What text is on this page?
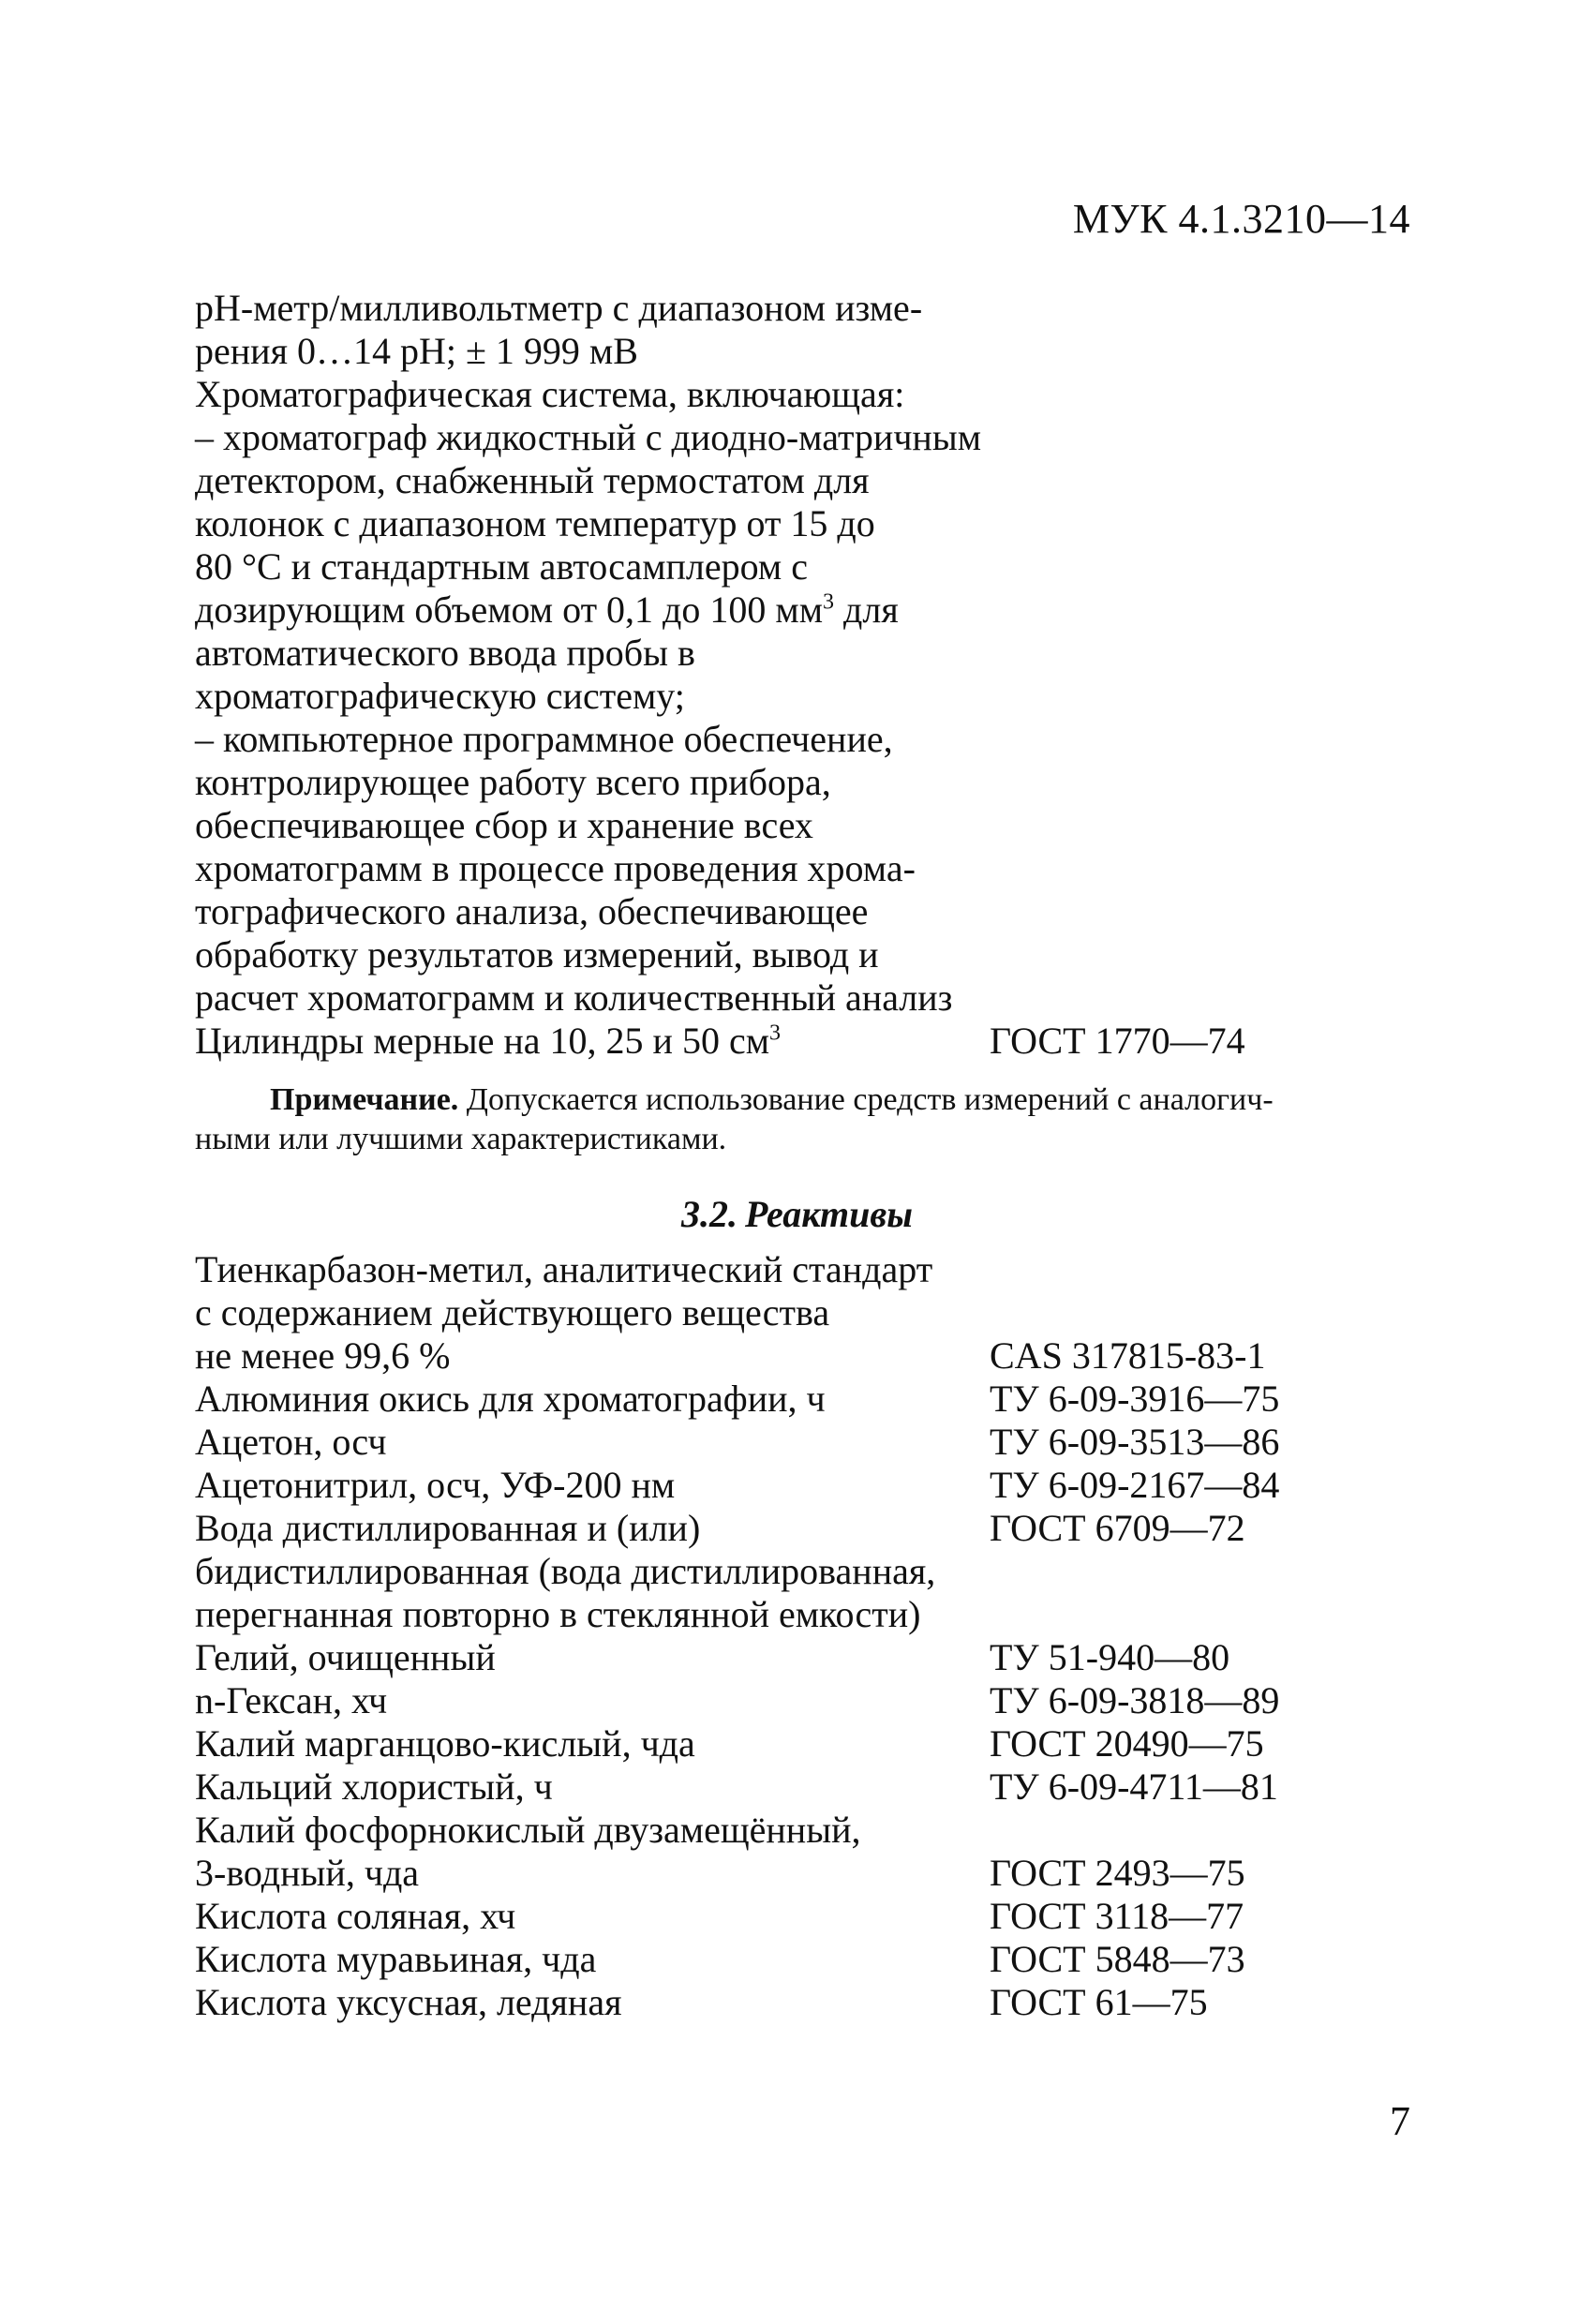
МУК 4.1.3210—14
рН-метр/милливольтметр с диапазоном изме-
рения 0…14 рН; ± 1 999 мВ
Хроматографическая система, включающая:
– хроматограф жидкостный с диодно-матричным
детектором, снабженный термостатом для
колонок с диапазоном температур от 15 до
80 °С и стандартным автосамплером с
дозирующим объемом от 0,1 до 100 $мм^3$ для
автоматического ввода пробы в
хроматографическую систему;
– компьютерное программное обеспечение,
контролирующее работу всего прибора,
обеспечивающее сбор и хранение всех
хроматограмм в процессе проведения хрома-
тографического анализа, обеспечивающее
обработку результатов измерений, вывод и
расчет хроматограмм и количественный анализ
Цилиндры мерные на 10, 25 и 50 $см^3$	ГОСТ 1770—74
Примечание. Допускается использование средств измерений с аналогич-
ными или лучшими характеристиками.
3.2. Реактивы
Тиенкарбазон-метил, аналитический стандарт
с содержанием действующего вещества
не менее 99,6 %	CAS 317815-83-1
Алюминия окись для хроматографии, ч	ТУ 6-09-3916—75
Ацетон, осч	ТУ 6-09-3513—86
Ацетонитрил, осч, УФ-200 нм	ТУ 6-09-2167—84
Вода дистиллированная и (или)	ГОСТ 6709—72
бидистиллированная (вода дистиллированная,
перегнанная повторно в стеклянной емкости)
Гелий, очищенный	ТУ 51-940—80
n-Гексан, хч	ТУ 6-09-3818—89
Калий марганцово-кислый, чда	ГОСТ 20490—75
Кальций хлористый, ч	ТУ 6-09-4711—81
Калий фосфорнокислый двузамещённый,
3-водный, чда	ГОСТ 2493—75
Кислота соляная, хч	ГОСТ 3118—77
Кислота муравьиная, чда	ГОСТ 5848—73
Кислота уксусная, ледяная	ГОСТ 61—75
7
